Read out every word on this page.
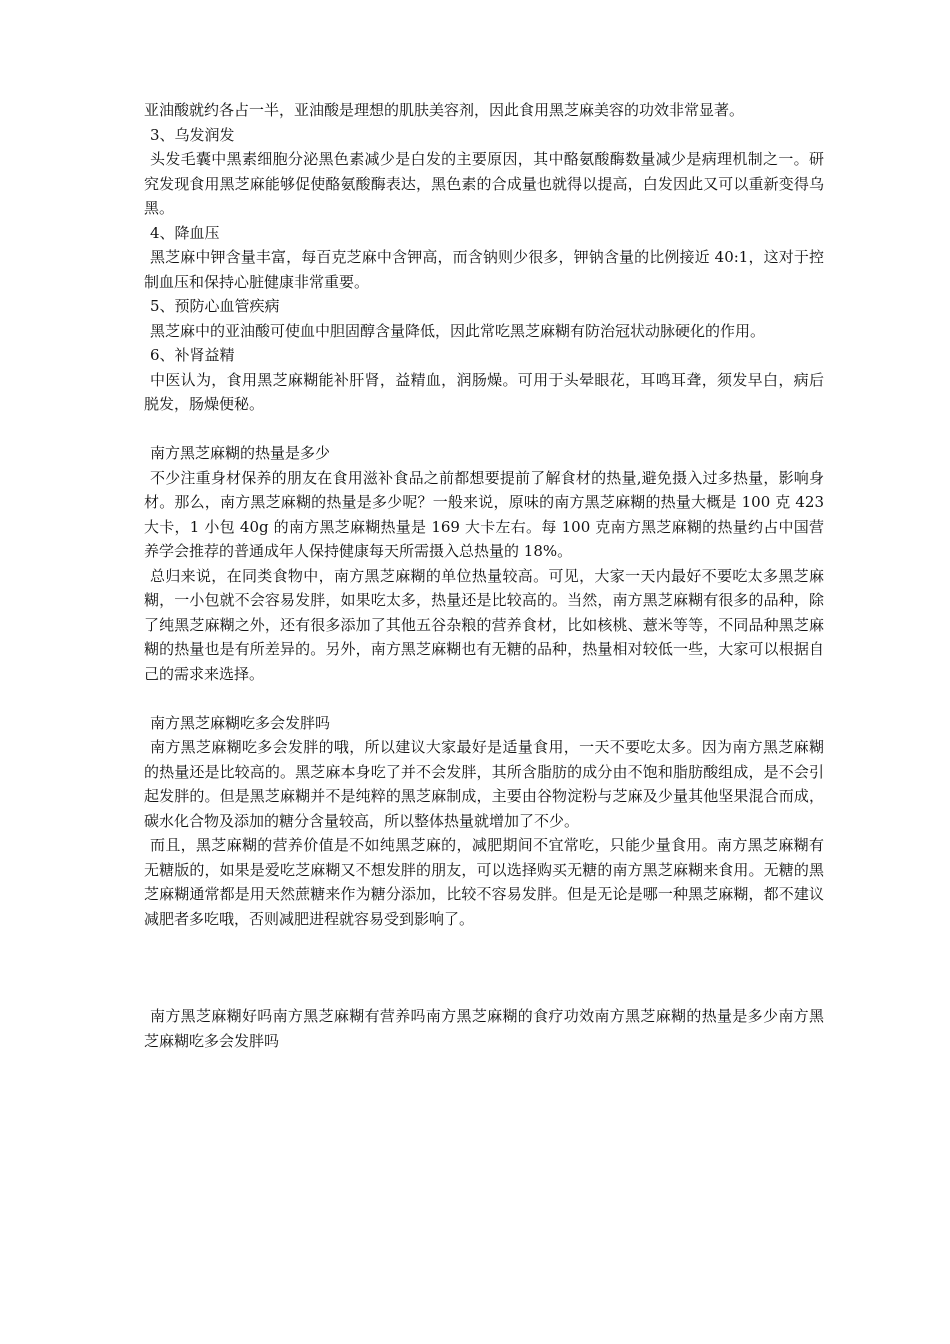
亚油酸就约各占一半，亚油酸是理想的肌肤美容剂，因此食用黑芝麻美容的功效非常显著。

3、乌发润发

头发毛囊中黑素细胞分泌黑色素减少是白发的主要原因，其中酪氨酸酶数量减少是病理机制之一。研究发现食用黑芝麻能够促使酪氨酸酶表达，黑色素的合成量也就得以提高，白发因此又可以重新变得乌黑。

4、降血压

黑芝麻中钾含量丰富，每百克芝麻中含钾高，而含钠则少很多，钾钠含量的比例接近 40:1，这对于控制血压和保持心脏健康非常重要。

5、预防心血管疾病

黑芝麻中的亚油酸可使血中胆固醇含量降低，因此常吃黑芝麻糊有防治冠状动脉硬化的作用。

6、补肾益精

中医认为，食用黑芝麻糊能补肝肾，益精血，润肠燥。可用于头晕眼花，耳鸣耳聋，须发早白，病后脱发，肠燥便秘。

南方黑芝麻糊的热量是多少

不少注重身材保养的朋友在食用滋补食品之前都想要提前了解食材的热量,避免摄入过多热量，影响身材。那么，南方黑芝麻糊的热量是多少呢？一般来说，原味的南方黑芝麻糊的热量大概是 100 克 423 大卡，1 小包 40g 的南方黑芝麻糊热量是 169 大卡左右。每 100 克南方黑芝麻糊的热量约占中国营养学会推荐的普通成年人保持健康每天所需摄入总热量的 18%。

总归来说，在同类食物中，南方黑芝麻糊的单位热量较高。可见，大家一天内最好不要吃太多黑芝麻糊，一小包就不会容易发胖，如果吃太多，热量还是比较高的。当然，南方黑芝麻糊有很多的品种，除了纯黑芝麻糊之外，还有很多添加了其他五谷杂粮的营养食材，比如核桃、薏米等等，不同品种黑芝麻糊的热量也是有所差异的。另外，南方黑芝麻糊也有无糖的品种，热量相对较低一些，大家可以根据自己的需求来选择。

南方黑芝麻糊吃多会发胖吗

南方黑芝麻糊吃多会发胖的哦，所以建议大家最好是适量食用，一天不要吃太多。因为南方黑芝麻糊的热量还是比较高的。黑芝麻本身吃了并不会发胖，其所含脂肪的成分由不饱和脂肪酸组成，是不会引起发胖的。但是黑芝麻糊并不是纯粹的黑芝麻制成，主要由谷物淀粉与芝麻及少量其他坚果混合而成，碳水化合物及添加的糖分含量较高，所以整体热量就增加了不少。

而且，黑芝麻糊的营养价值是不如纯黑芝麻的，减肥期间不宜常吃，只能少量食用。南方黑芝麻糊有无糖版的，如果是爱吃芝麻糊又不想发胖的朋友，可以选择购买无糖的南方黑芝麻糊来食用。无糖的黑芝麻糊通常都是用天然蔗糖来作为糖分添加，比较不容易发胖。但是无论是哪一种黑芝麻糊，都不建议减肥者多吃哦，否则减肥进程就容易受到影响了。

南方黑芝麻糊好吗南方黑芝麻糊有营养吗南方黑芝麻糊的食疗功效南方黑芝麻糊的热量是多少南方黑芝麻糊吃多会发胖吗
